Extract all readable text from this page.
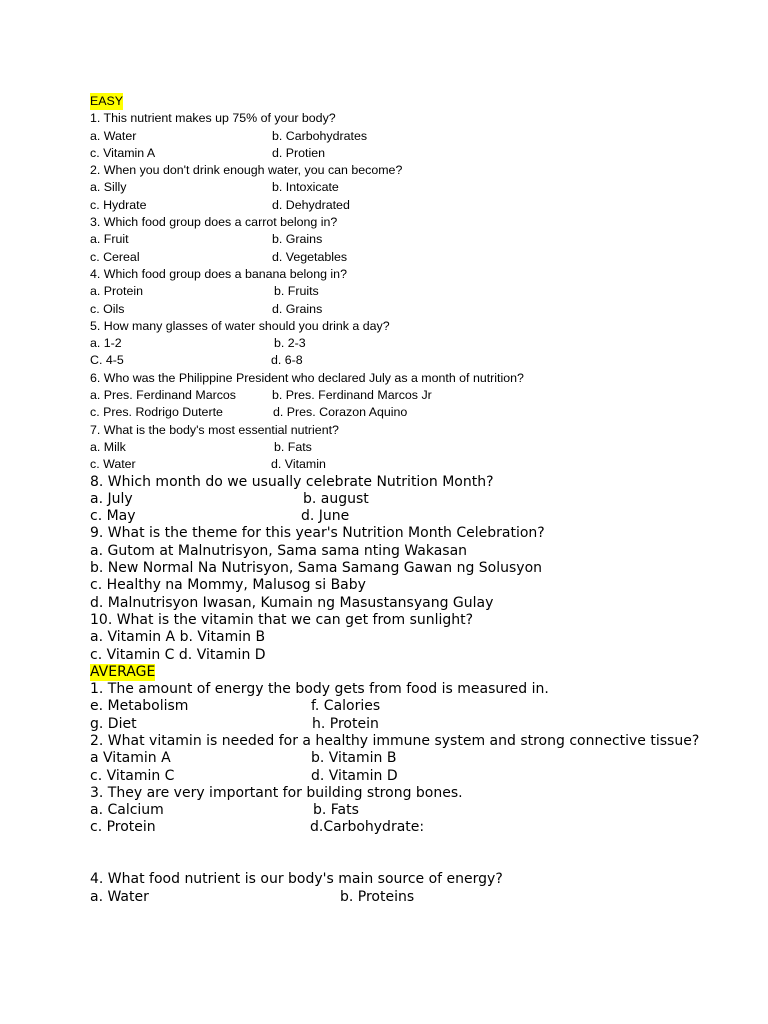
EASY
1. This nutrient makes up 75% of your body?
a. Water	b. Carbohydrates
c. Vitamin A	d. Protien
2. When you don't drink enough water, you can become?
a. Silly	b. Intoxicate
c. Hydrate	d. Dehydrated
3. Which food group does a carrot belong in?
a. Fruit	b. Grains
c. Cereal	d. Vegetables
4. Which food group does a banana belong in?
a. Protein	b. Fruits
c. Oils	d. Grains
5. How many glasses of water should you drink a day?
a. 1-2	b. 2-3
C. 4-5	d. 6-8
6. Who was the Philippine President who declared July as a month of nutrition?
a. Pres. Ferdinand Marcos	b. Pres. Ferdinand Marcos Jr
c. Pres. Rodrigo Duterte	d. Pres. Corazon Aquino
7. What is the body's most essential nutrient?
a. Milk	b. Fats
c. Water	d. Vitamin
8. Which month do we usually celebrate Nutrition Month?
a. July	b. august
c. May	d. June
9. What is the theme for this year's Nutrition Month Celebration?
a. Gutom at Malnutrisyon, Sama sama nting Wakasan
b. New Normal Na Nutrisyon, Sama Samang Gawan ng Solusyon
c. Healthy na Mommy, Malusog si Baby
d. Malnutrisyon Iwasan, Kumain ng Masustansyang Gulay
10. What is the vitamin that we can get from sunlight?
a. Vitamin A b. Vitamin B
c. Vitamin C d. Vitamin D
AVERAGE
1. The amount of energy the body gets from food is measured in.
e. Metabolism	f. Calories
g. Diet	h. Protein
2. What vitamin is needed for a healthy immune system and strong connective tissue?
a Vitamin A	b. Vitamin B
c. Vitamin C	d. Vitamin D
3. They are very important for building strong bones.
a. Calcium	b. Fats
c. Protein	d.Carbohydrate:
4. What food nutrient is our body's main source of energy?
a. Water	b. Proteins
